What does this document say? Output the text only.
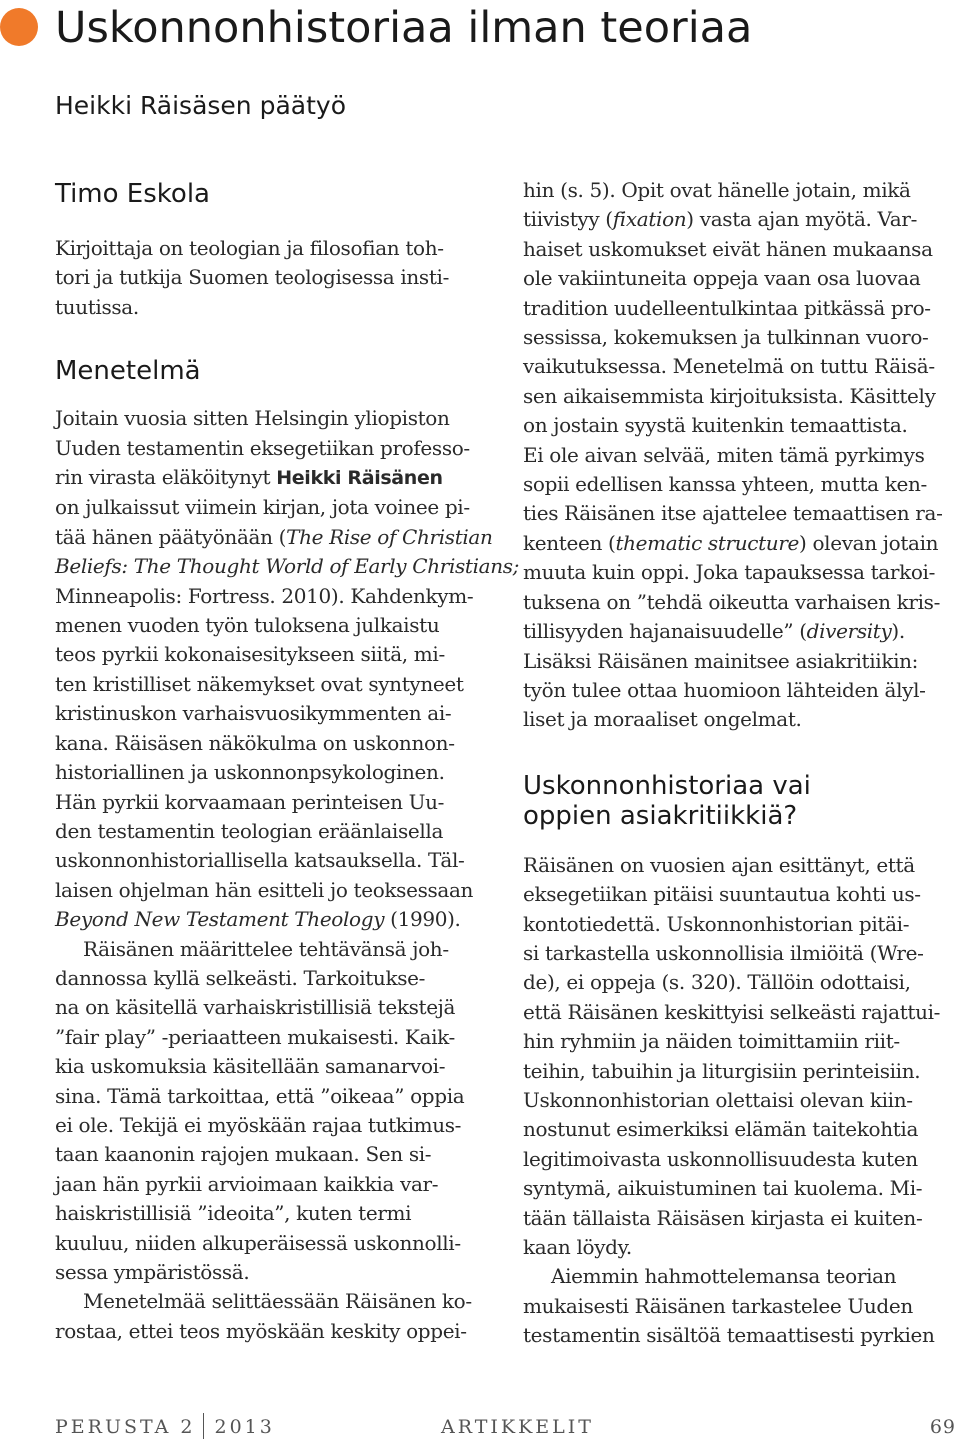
Uskonnonhistoriaa ilman teoriaa
Heikki Räisäsen päätyö
Timo Eskola

Kirjoittaja on teologian ja filosofian toh-

tori ja tutkija Suomen teologisessa insti-

tuutissa.

Menetelmä

Joitain vuosia sitten Helsingin yliopiston

Uuden testamentin eksegetiikan professo-

rin virasta eläköitynyt Heikki Räisänen

on julkaissut viimein kirjan, jota voinee pi-

tää hänen päätyönään (The Rise of Christian

Beliefs: The Thought World of Early Christians;

Minneapolis: Fortress. 2010). Kahdenkym-

menen vuoden työn tuloksena julkaistu

teos pyrkii kokonaisesitykseen siitä, mi-

ten kristilliset näkemykset ovat syntyneet

kristinuskon varhaisvuosikymmenten ai-

kana. Räisäsen näkökulma on uskonnon-

historiallinen ja uskonnonpsykologinen.

Hän pyrkii korvaamaan perinteisen Uu-

den testamentin teologian eräänlaisella

uskonnonhistoriallisella katsauksella. Täl-

laisen ohjelman hän esitteli jo teoksessaan

Beyond New Testament Theology (1990).

Räisänen määrittelee tehtävänsä joh-

dannossa kyllä selkeästi. Tarkoitukse-

na on käsitellä varhaiskristillisiä tekstejä

”fair play” -periaatteen mukaisesti. Kaik-

kia uskomuksia käsitellään samanarvoi-

sina. Tämä tarkoittaa, että ”oikeaa” oppia

ei ole. Tekijä ei myöskään rajaa tutkimus-

taan kaanonin rajojen mukaan. Sen si-

jaan hän pyrkii arvioimaan kaikkia var-

haiskristillisiä ”ideoita”, kuten termi

kuuluu, niiden alkuperäisessä uskonnolli-

sessa ympäristössä.

Menetelmää selittäessään Räisänen ko-

rostaa, ettei teos myöskään keskity oppei-

hin (s. 5). Opit ovat hänelle jotain, mikä

tiivistyy (fixation) vasta ajan myötä. Var-

haiset uskomukset eivät hänen mukaansa

ole vakiintuneita oppeja vaan osa luovaa

tradition uudelleentulkintaa pitkässä pro-

sessissa, kokemuksen ja tulkinnan vuoro-

vaikutuksessa. Menetelmä on tuttu Räisä-

sen aikaisemmista kirjoituksista. Käsittely

on jostain syystä kuitenkin temaattista.

Ei ole aivan selvää, miten tämä pyrkimys

sopii edellisen kanssa yhteen, mutta ken-

ties Räisänen itse ajattelee temaattisen ra-

kenteen (thematic structure) olevan jotain

muuta kuin oppi. Joka tapauksessa tarkoi-

tuksena on ”tehdä oikeutta varhaisen kris-

tillisyyden hajanaisuudelle” (diversity).

Lisäksi Räisänen mainitsee asiakritiikin:

työn tulee ottaa huomioon lähteiden älyl-

liset ja moraaliset ongelmat.

Uskonnonhistoriaa vai
oppien asiakritiikkiä?

Räisänen on vuosien ajan esittänyt, että

eksegetiikan pitäisi suuntautua kohti us-

kontotiedettä. Uskonnonhistorian pitäi-

si tarkastella uskonnollisia ilmiöitä (Wre-

de), ei oppeja (s. 320). Tällöin odottaisi,

että Räisänen keskittyisi selkeästi rajattui-

hin ryhmiin ja näiden toimittamiin riit-

teihin, tabuihin ja liturgisiin perinteisiin.

Uskonnonhistorian olettaisi olevan kiin-

nostunut esimerkiksi elämän taitekohtia

legitimoivasta uskonnollisuudesta kuten

syntymä, aikuistuminen tai kuolema. Mi-

tään tällaista Räisäsen kirjasta ei kuiten-

kaan löydy.

Aiemmin hahmottelemansa teorian

mukaisesti Räisänen tarkastelee Uuden

testamentin sisältöä temaattisesti pyrkien

PERUSTA 2 2013	ARTIKKELIT	69
